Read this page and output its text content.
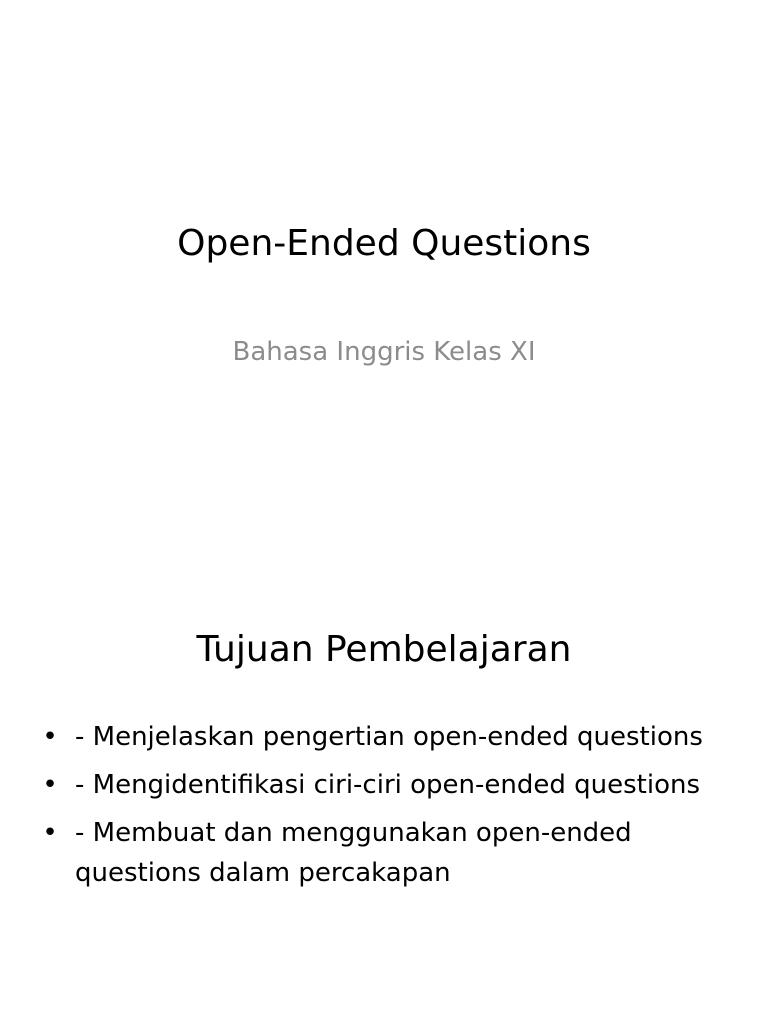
Open-Ended Questions
Bahasa Inggris Kelas XI
Tujuan Pembelajaran
• - Menjelaskan pengertian open-ended questions
• - Mengidentifikasi ciri-ciri open-ended questions
• - Membuat dan menggunakan open-ended questions dalam percakapan
